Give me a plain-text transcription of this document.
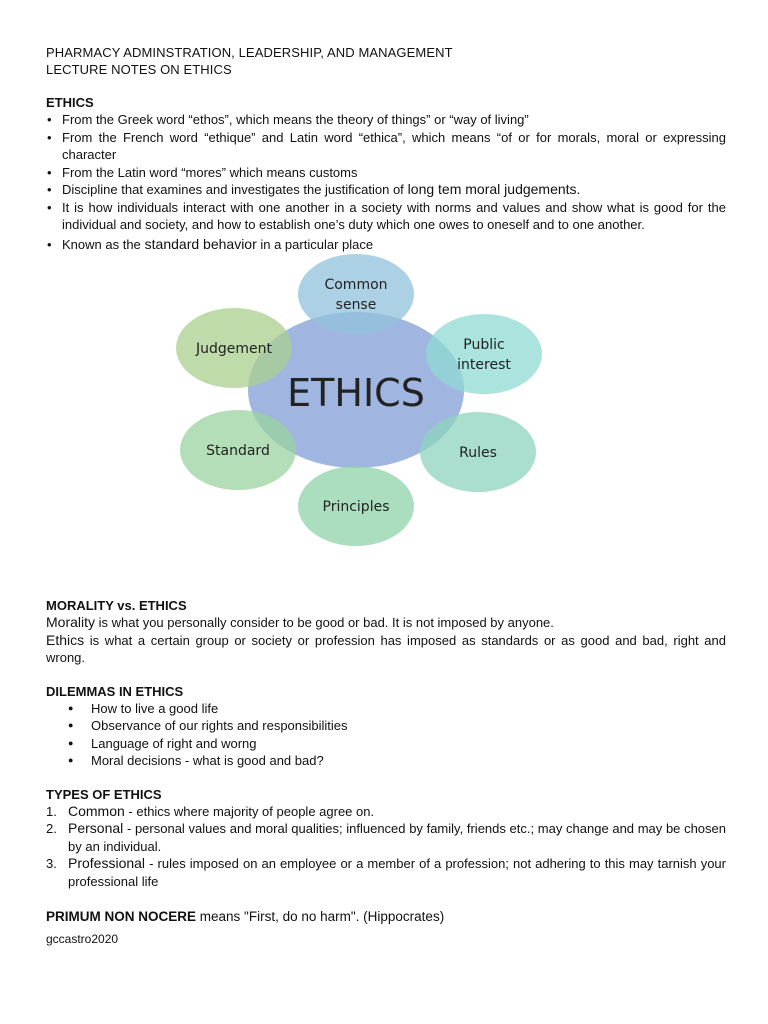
PHARMACY ADMINSTRATION, LEADERSHIP, AND MANAGEMENT
LECTURE NOTES ON ETHICS
ETHICS
• From the Greek word “ethos”, which means the theory of things” or “way of living”
• From the French word “ethique” and Latin word “ethica”, which means “of or for morals, moral or expressing character
• From the Latin word “mores” which means customs
• Discipline that examines and investigates the justification of long tem moral judgements.
• It is how individuals interact with one another in a society with norms and values and show what is good for the individual and society, and how to establish one’s duty which one owes to oneself and to one another.
• Known as the standard behavior in a particular place
ETHICS
Common sense
Public interest
Rules
Principles
Standard
Judgement
MORALITY vs. ETHICS
Morality is what you personally consider to be good or bad. It is not imposed by anyone.
Ethics is what a certain group or society or profession has imposed as standards or as good and bad, right and wrong.
DILEMMAS IN ETHICS
● How to live a good life
● Observance of our rights and responsibilities
● Language of right and worng
● Moral decisions - what is good and bad?
TYPES OF ETHICS
1. Common - ethics where majority of people agree on.
2. Personal - personal values and moral qualities; influenced by family, friends etc.; may change and may be chosen by an individual.
3. Professional - rules imposed on an employee or a member of a profession; not adhering to this may tarnish your professional life
PRIMUM NON NOCERE means "First, do no harm". (Hippocrates)
gccastro2020
